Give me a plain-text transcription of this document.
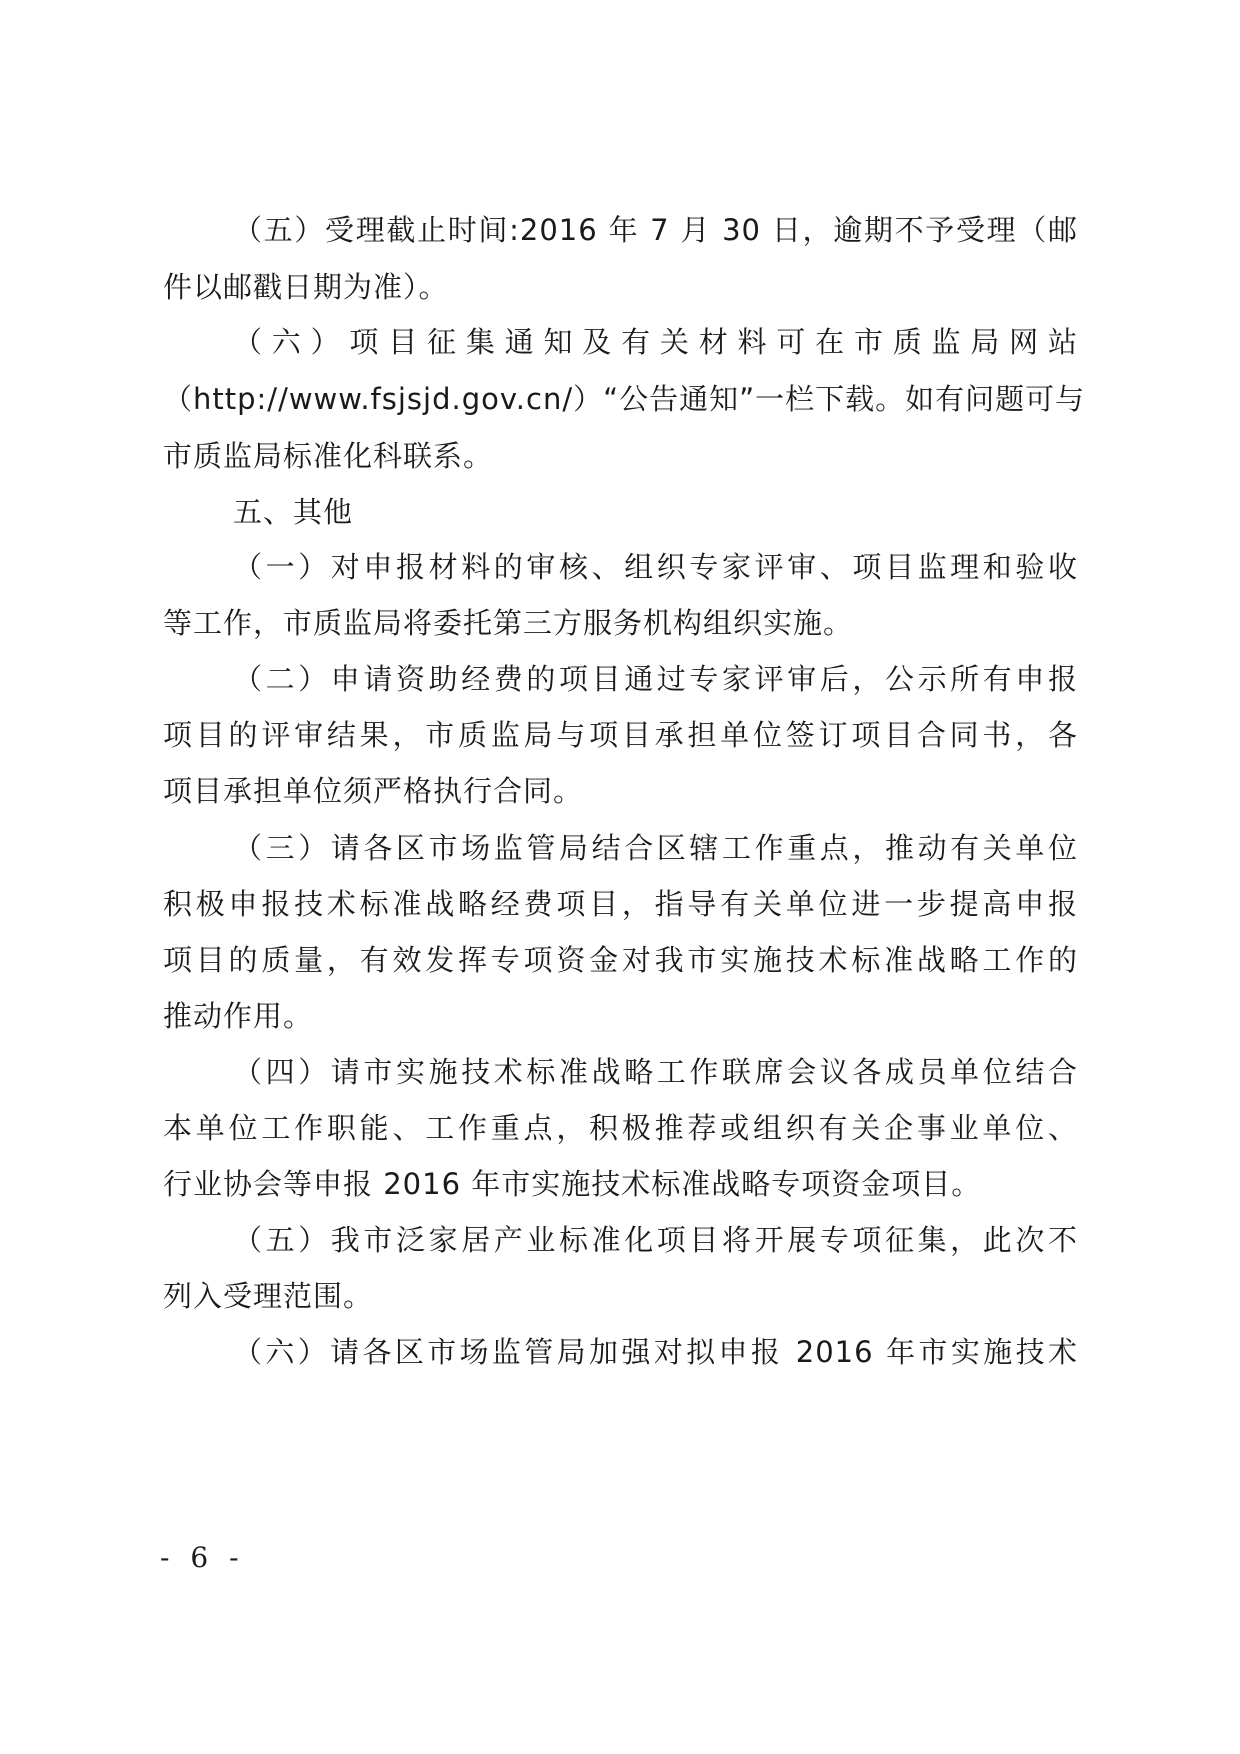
（五）受理截止时间:2016 年 7 月 30 日，逾期不予受理（邮
件以邮戳日期为准）。
（六）项目征集通知及有关材料可在市质监局网站
（http://www.fsjsjd.gov.cn/）“公告通知”一栏下载。如有问题可与
市质监局标准化科联系。
五、其他
（一）对申报材料的审核、组织专家评审、项目监理和验收
等工作，市质监局将委托第三方服务机构组织实施。
（二）申请资助经费的项目通过专家评审后，公示所有申报
项目的评审结果，市质监局与项目承担单位签订项目合同书，各
项目承担单位须严格执行合同。
（三）请各区市场监管局结合区辖工作重点，推动有关单位
积极申报技术标准战略经费项目，指导有关单位进一步提高申报
项目的质量，有效发挥专项资金对我市实施技术标准战略工作的
推动作用。
（四）请市实施技术标准战略工作联席会议各成员单位结合
本单位工作职能、工作重点，积极推荐或组织有关企事业单位、
行业协会等申报 2016 年市实施技术标准战略专项资金项目。
（五）我市泛家居产业标准化项目将开展专项征集，此次不
列入受理范围。
（六）请各区市场监管局加强对拟申报 2016 年市实施技术
- 6 -
